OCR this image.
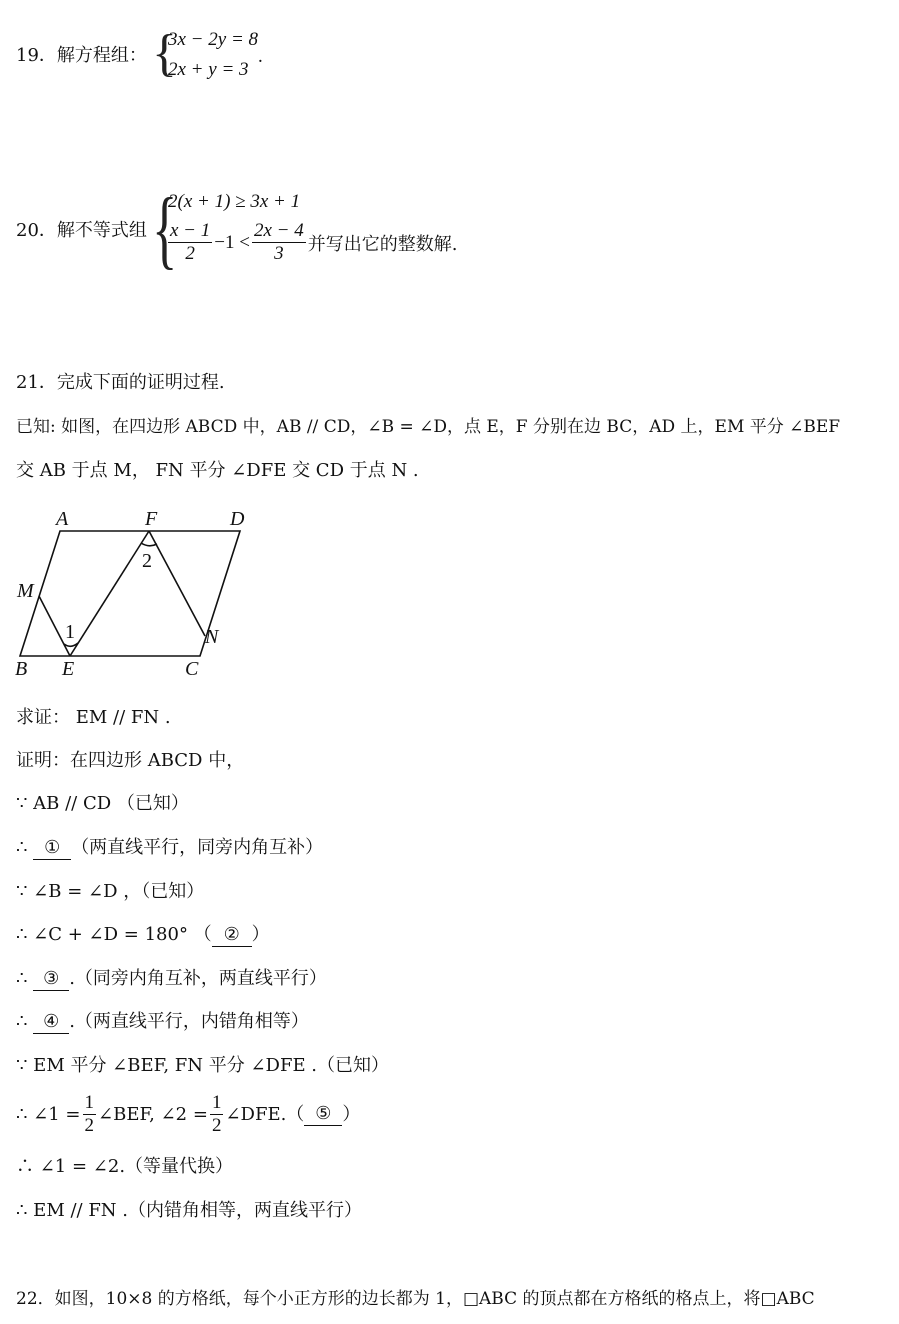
19．解方程组： {
3x − 2y = 8
2x + y = 3
.
20．解不等式组 {
2(x + 1) ≥ 3x + 1
$\frac{x - 1}{2} -1 < \frac{2x - 4}{3}$ 并写出它的整数解.
21．完成下面的证明过程.
已知: 如图，在四边形 ABCD 中，AB // CD，∠B = ∠D，点 E，F 分别在边 BC，AD 上，EM 平分 ∠BEF
交 AB 于点 M， FN 平分 ∠DFE 交 CD 于点 N .
A	F	D
M
2
1	N
B E	C
求证： EM // FN .
证明：在四边形 ABCD 中，
∵ AB // CD （已知）
∴ ① （两直线平行，同旁内角互补）
∵ ∠B = ∠D ，（已知）
∴ ∠C + ∠D = 180° （ ② ）
∴ ③ .（同旁内角互补，两直线平行）
∴ ④ .（两直线平行，内错角相等）
∵ EM 平分 ∠BEF, FN 平分 ∠DFE .（已知）
∴ ∠1 = $\frac{1}{2}$ ∠BEF, ∠2 = $\frac{1}{2}$ ∠DFE.（ ⑤ ）
∴ ∠1 = ∠2.（等量代换）
∴ EM // FN .（内错角相等，两直线平行）
22．如图，10×8 的方格纸，每个小正方形的边长都为 1，□ABC 的顶点都在方格纸的格点上，将□ABC
